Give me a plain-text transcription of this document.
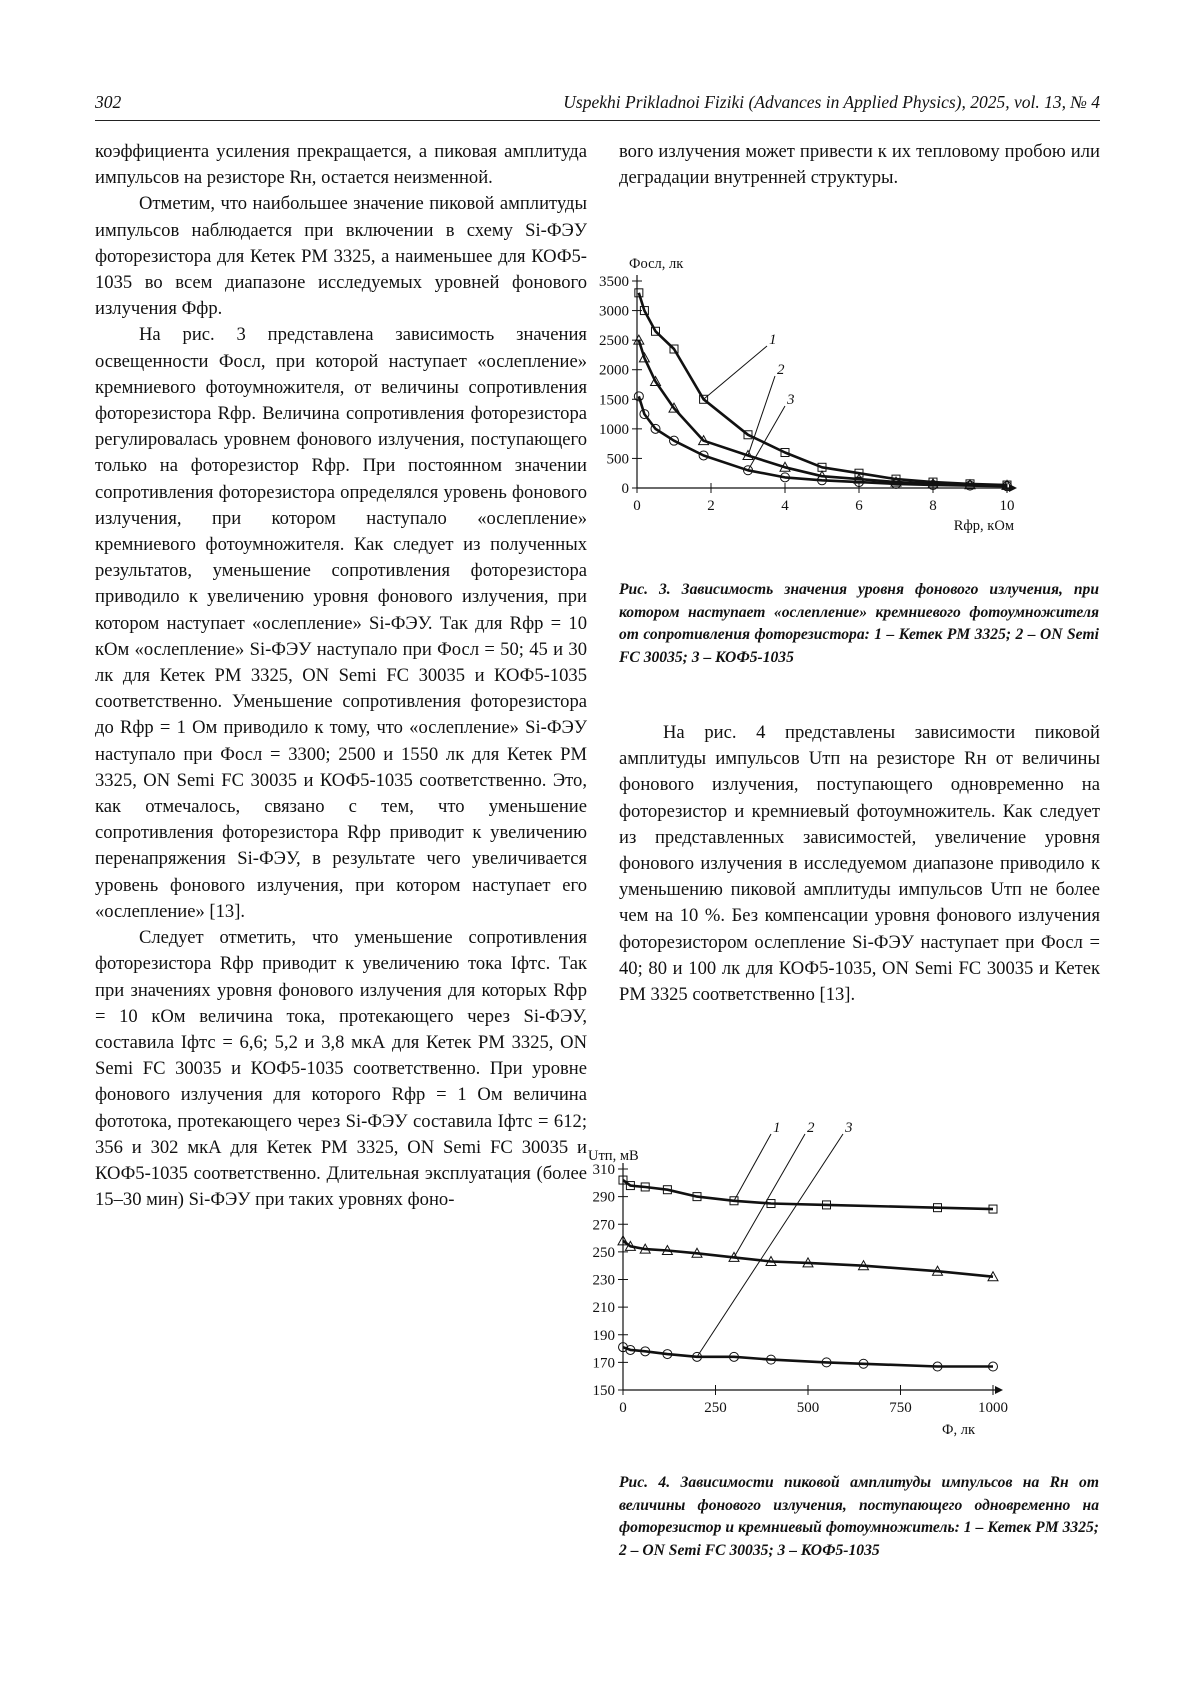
302	Uspekhi Prikladnoi Fiziki (Advances in Applied Physics), 2025, vol. 13, № 4

коэффициента усиления прекращается, а пиковая амплитуда импульсов на резисторе Rн, остается неизменной.

Отметим, что наибольшее значение пиковой амплитуды импульсов наблюдается при включении в схему Si-ФЭУ фоторезистора для Кетек PM 3325, а наименьшее для КОФ5-1035 во всем диапазоне исследуемых уровней фонового излучения Ффр.

На рис. 3 представлена зависимость значения освещенности Фосл, при которой наступает «ослепление» кремниевого фотоумножителя, от величины сопротивления фоторезистора Rфр. Величина сопротивления фоторезистора регулировалась уровнем фонового излучения, поступающего только на фоторезистор Rфр. При постоянном значении сопротивления фоторезистора определялся уровень фонового излучения, при котором наступало «ослепление» кремниевого фотоумножителя. Как следует из полученных результатов, уменьшение сопротивления фоторезистора приводило к увеличению уровня фонового излучения, при котором наступает «ослепление» Si-ФЭУ. Так для Rфр = 10 кОм «ослепление» Si-ФЭУ наступало при Фосл = 50; 45 и 30 лк для Кетек PM 3325, ON Semi FC 30035 и КОФ5-1035 соответственно. Уменьшение сопротивления фоторезистора до Rфр = 1 Ом приводило к тому, что «ослепление» Si-ФЭУ наступало при Фосл = 3300; 2500 и 1550 лк для Кетек PM 3325, ON Semi FC 30035 и КОФ5-1035 соответственно. Это, как отмечалось, связано с тем, что уменьшение сопротивления фоторезистора Rфр приводит к увеличению перенапряжения Si-ФЭУ, в результате чего увеличивается уровень фонового излучения, при котором наступает его «ослепление» [13].

Следует отметить, что уменьшение сопротивления фоторезистора Rфр приводит к увеличению тока Iфтс. Так при значениях уровня фонового излучения для которых Rфр = 10 кОм величина тока, протекающего через Si-ФЭУ, составила Iфтс = 6,6; 5,2 и 3,8 мкА для Кетек PM 3325, ON Semi FC 30035 и КОФ5-1035 соответственно. При уровне фонового излучения для которого Rфр = 1 Ом величина фототока, протекающего через Si-ФЭУ составила Iфтс = 612; 356 и 302 мкА для Кетек PM 3325, ON Semi FC 30035 и КОФ5-1035 соответственно. Длительная эксплуатация (более 15–30 мин) Si-ФЭУ при таких уровнях фоно-

вого излучения может привести к их тепловому пробою или деградации внутренней структуры.

0	2	4	6	8	10
0
500
1000
1500
2000
2500
3000
3500
Фосл, лк
Rфр, кОм
1
2
3
Рис. 3. Зависимость значения уровня фонового излучения, при котором наступает «ослепление» кремниевого фотоумножителя от сопротивления фоторезистора: 1 – Кетек PM 3325; 2 – ON Semi FC 30035; 3 – КОФ5-1035
На рис. 4 представлены зависимости пиковой амплитуды импульсов Uтп на резисторе Rн от величины фонового излучения, поступающего одновременно на фоторезистор и кремниевый фотоумножитель. Как следует из представленных зависимостей, увеличение уровня фонового излучения в исследуемом диапазоне приводило к уменьшению пиковой амплитуды импульсов Uтп не более чем на 10 %. Без компенсации уровня фонового излучения фоторезистором ослепление Si-ФЭУ наступает при Фосл = 40; 80 и 100 лк для КОФ5-1035, ON Semi FC 30035 и Кетек PM 3325 соответственно [13].
0	250	500	750	1000
150
170
190
210
230
250
270
290
310
Uтп, мВ
Ф, лк
1 2 3
Рис. 4. Зависимости пиковой амплитуды импульсов на Rн от величины фонового излучения, поступающего одновременно на фоторезистор и кремниевый фотоумножитель: 1 – Кетек PM 3325; 2 – ON Semi FC 30035; 3 – КОФ5-1035
